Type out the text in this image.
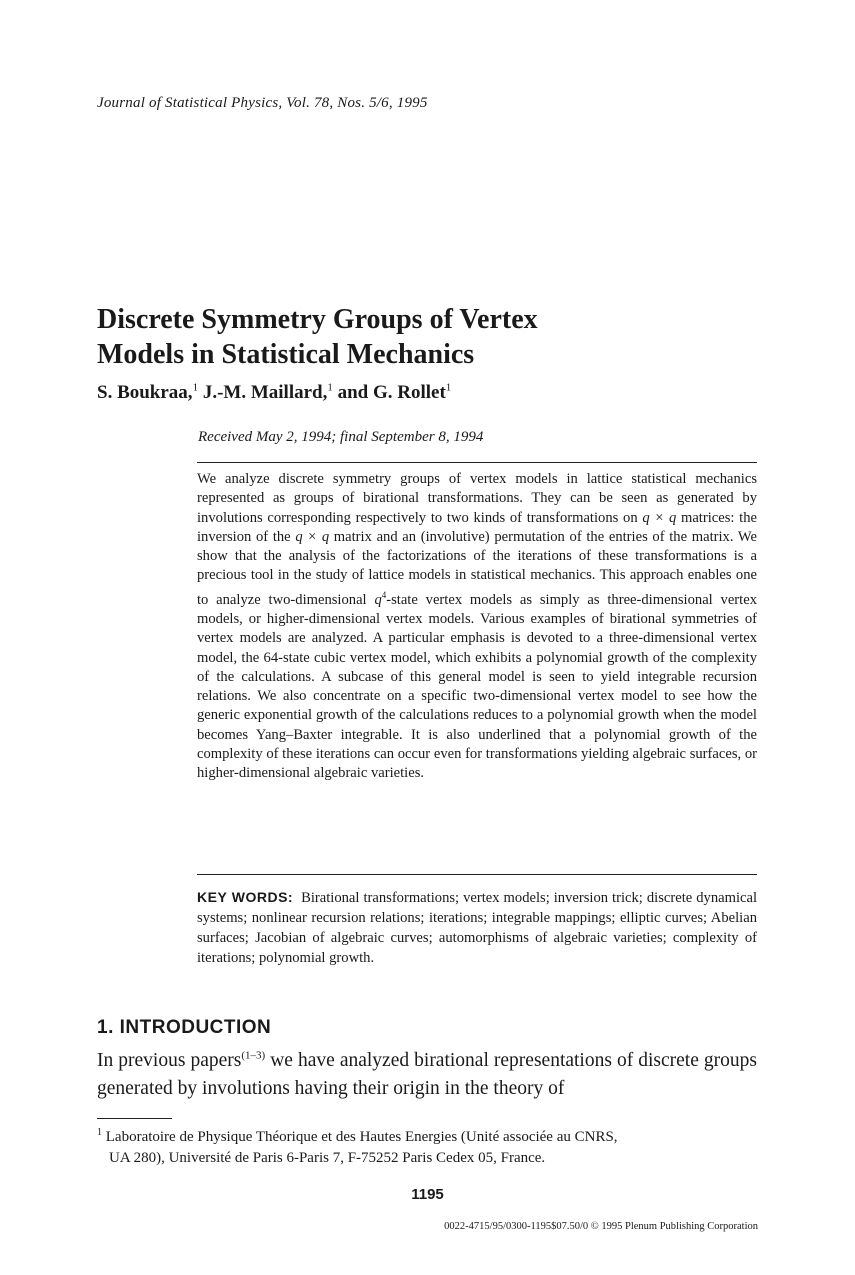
Journal of Statistical Physics, Vol. 78, Nos. 5/6, 1995
Discrete Symmetry Groups of Vertex
Models in Statistical Mechanics
S. Boukraa,$^1$ J.-M. Maillard,$^1$ and G. Rollet$^1$
Received May 2, 1994; final September 8, 1994
We analyze discrete symmetry groups of vertex models in lattice statistical mechanics represented as groups of birational transformations. They can be seen as generated by involutions corresponding respectively to two kinds of transformations on q × q matrices: the inversion of the q × q matrix and an (involutive) permutation of the entries of the matrix. We show that the analysis of the factorizations of the iterations of these transformations is a precious tool in the study of lattice models in statistical mechanics. This approach enables one to analyze two-dimensional $q^4$-state vertex models as simply as three-dimensional vertex models, or higher-dimensional vertex models. Various examples of birational symmetries of vertex models are analyzed. A particular emphasis is devoted to a three-dimensional vertex model, the 64-state cubic vertex model, which exhibits a polynomial growth of the complexity of the calculations. A subcase of this general model is seen to yield integrable recursion relations. We also concentrate on a specific two-dimensional vertex model to see how the generic exponential growth of the calculations reduces to a polynomial growth when the model becomes Yang–Baxter integrable. It is also underlined that a polynomial growth of the complexity of these iterations can occur even for transformations yielding algebraic surfaces, or higher-dimensional algebraic varieties.
KEY WORDS: Birational transformations; vertex models; inversion trick; discrete dynamical systems; nonlinear recursion relations; iterations; integrable mappings; elliptic curves; Abelian surfaces; Jacobian of algebraic curves; automorphisms of algebraic varieties; complexity of iterations; polynomial growth.
1. INTRODUCTION
In previous papers$^{(1-3)}$ we have analyzed birational representations of discrete groups generated by involutions having their origin in the theory of
$^1$ Laboratoire de Physique Théorique et des Hautes Energies (Unité associée au CNRS,
UA 280), Université de Paris 6-Paris 7, F-75252 Paris Cedex 05, France.
1195
0022-4715/95/0300-1195$07.50/0 © 1995 Plenum Publishing Corporation
